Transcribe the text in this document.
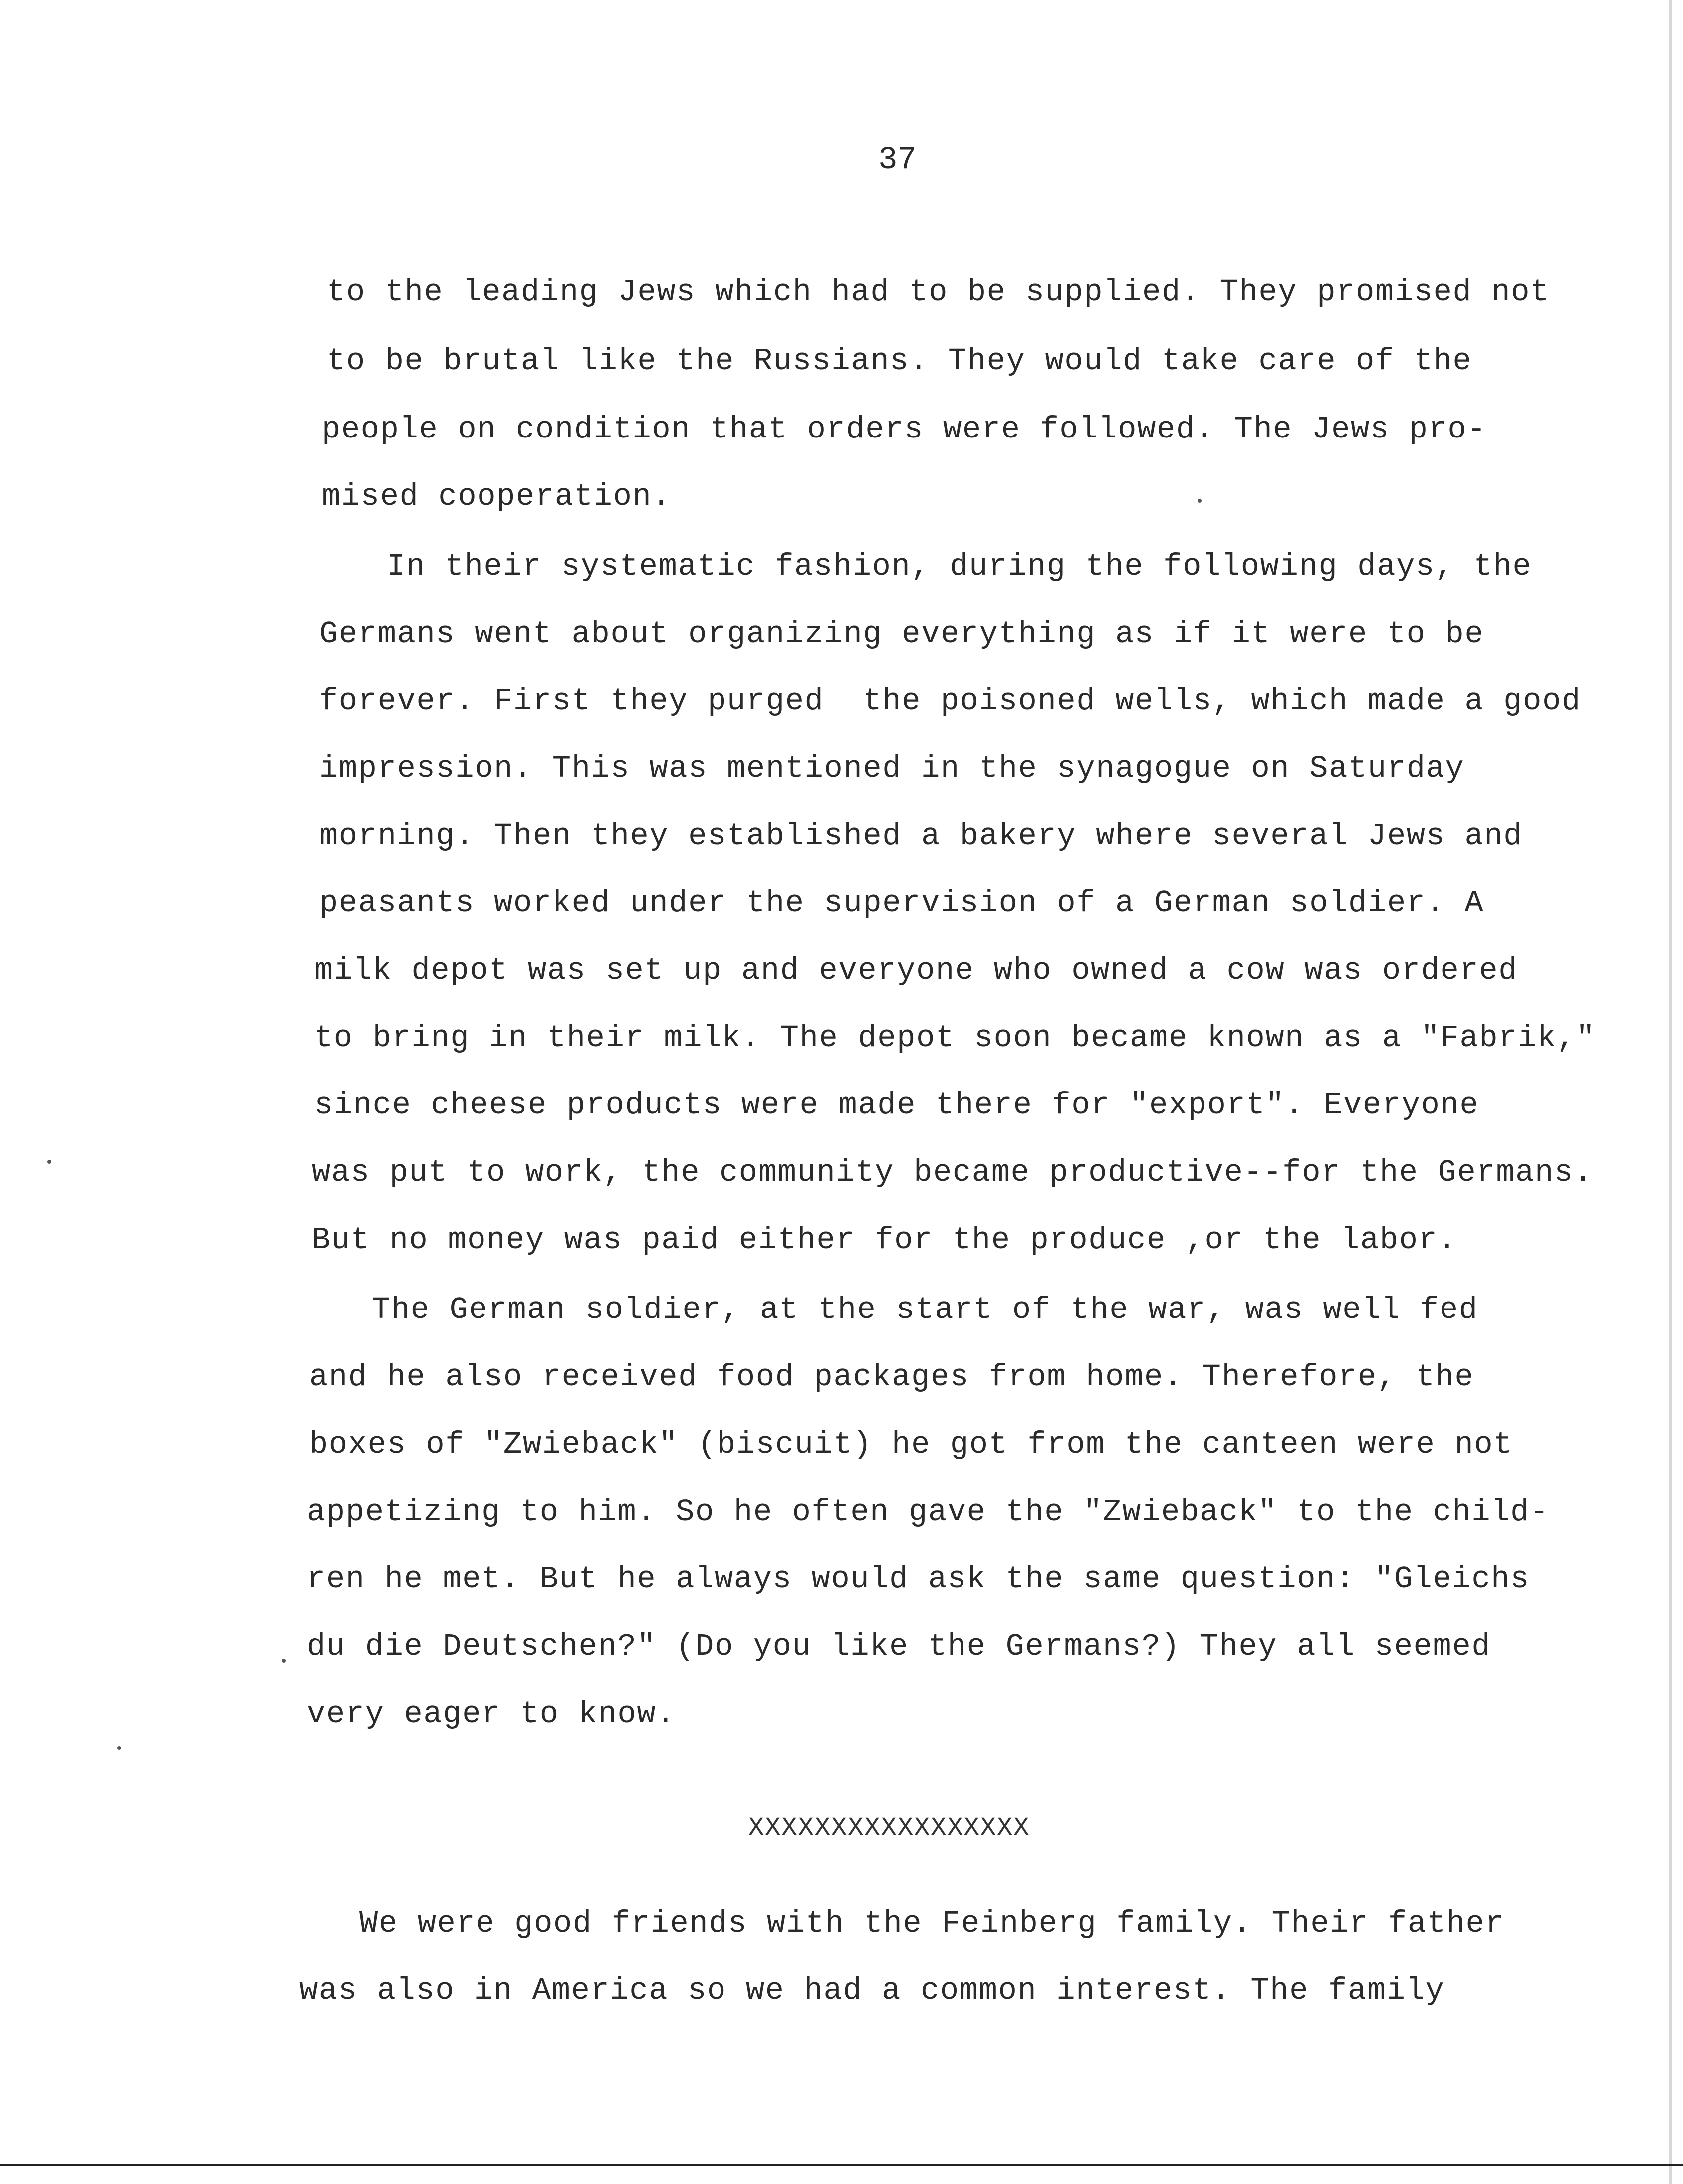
37
to the leading Jews which had to be supplied. They promised not
to be brutal like the Russians. They would take care of the
people on condition that orders were followed. The Jews pro-
mised cooperation.
In their systematic fashion, during the following days, the
Germans went about organizing everything as if it were to be
forever. First they purged  the poisoned wells, which made a good
impression. This was mentioned in the synagogue on Saturday
morning. Then they established a bakery where several Jews and
peasants worked under the supervision of a German soldier. A
milk depot was set up and everyone who owned a cow was ordered
to bring in their milk. The depot soon became known as a "Fabrik,"
since cheese products were made there for "export". Everyone
was put to work, the community became productive--for the Germans.
But no money was paid either for the produce ,or the labor.
The German soldier, at the start of the war, was well fed
and he also received food packages from home. Therefore, the
boxes of "Zwieback" (biscuit) he got from the canteen were not
appetizing to him. So he often gave the "Zwieback" to the child-
ren he met. But he always would ask the same question: "Gleichs
du die Deutschen?" (Do you like the Germans?) They all seemed
very eager to know.
XXXXXXXXXXXXXXXXX
We were good friends with the Feinberg family. Their father
was also in America so we had a common interest. The family
